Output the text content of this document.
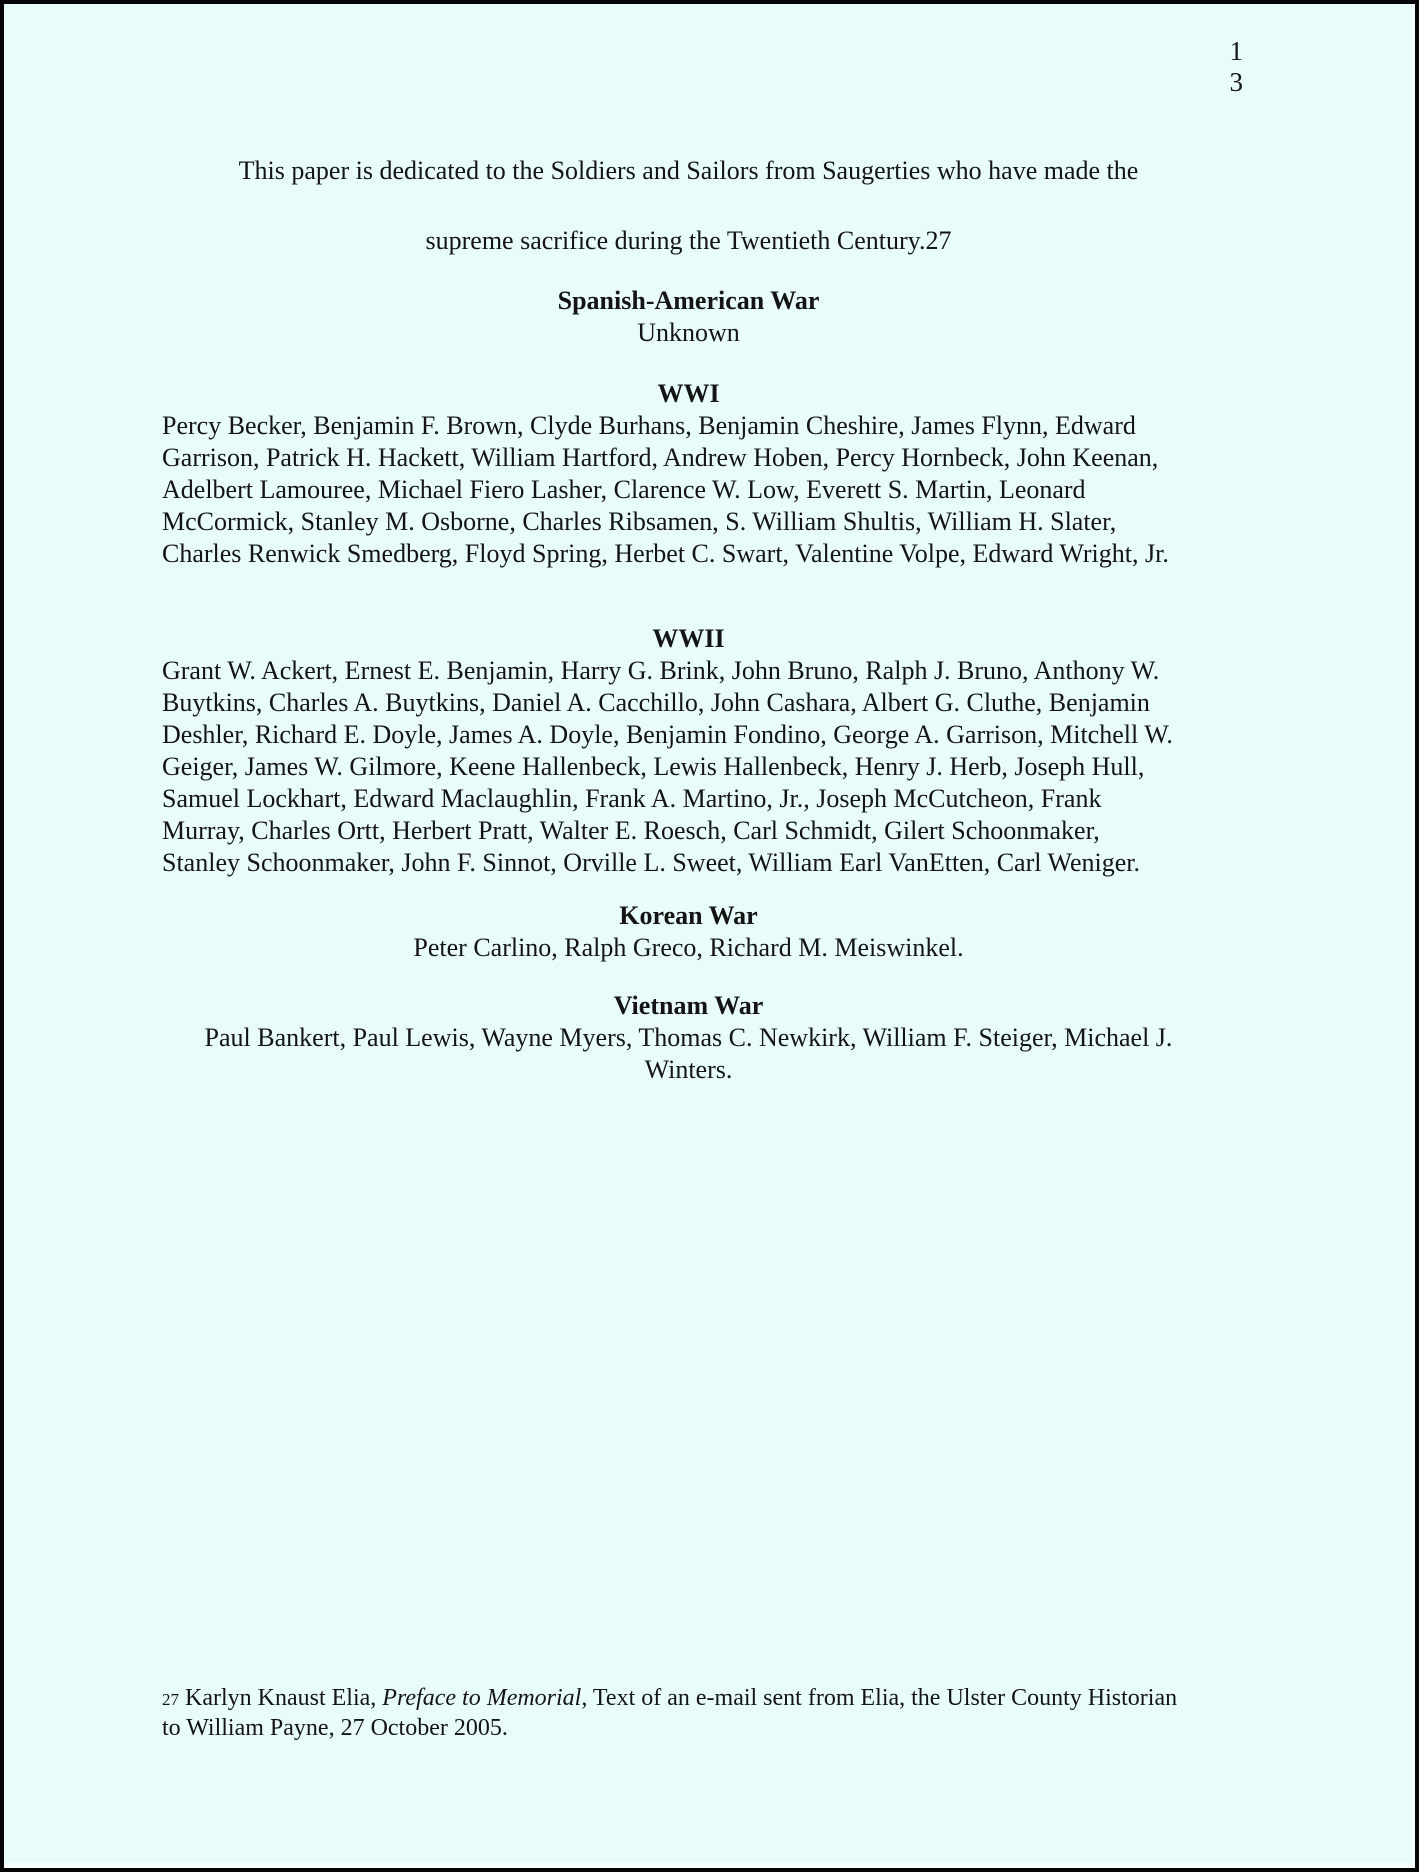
1
3
This paper is dedicated to the Soldiers and Sailors from Saugerties who have made the
supreme sacrifice during the Twentieth Century.27
Spanish-American War
Unknown
WWI
Percy Becker, Benjamin F. Brown, Clyde Burhans, Benjamin Cheshire, James Flynn, Edward
Garrison, Patrick H. Hackett, William Hartford, Andrew Hoben, Percy Hornbeck, John Keenan,
Adelbert Lamouree, Michael Fiero Lasher, Clarence W. Low, Everett S. Martin, Leonard
McCormick, Stanley M. Osborne, Charles Ribsamen, S. William Shultis, William H. Slater,
Charles Renwick Smedberg, Floyd Spring, Herbet C. Swart, Valentine Volpe, Edward Wright, Jr.
WWII
Grant W. Ackert, Ernest E. Benjamin, Harry G. Brink, John Bruno, Ralph J. Bruno, Anthony W.
Buytkins, Charles A. Buytkins, Daniel A. Cacchillo, John Cashara, Albert G. Cluthe, Benjamin
Deshler, Richard E. Doyle, James A. Doyle, Benjamin Fondino, George A. Garrison, Mitchell W.
Geiger, James W. Gilmore, Keene Hallenbeck, Lewis Hallenbeck, Henry J. Herb, Joseph Hull,
Samuel Lockhart, Edward Maclaughlin, Frank A. Martino, Jr., Joseph McCutcheon, Frank
Murray, Charles Ortt, Herbert Pratt, Walter E. Roesch, Carl Schmidt, Gilert Schoonmaker,
Stanley Schoonmaker, John F. Sinnot, Orville L. Sweet, William Earl VanEtten, Carl Weniger.
Korean War
Peter Carlino, Ralph Greco, Richard M. Meiswinkel.
Vietnam War
Paul Bankert, Paul Lewis, Wayne Myers, Thomas C. Newkirk, William F. Steiger, Michael J.
Winters.
27 Karlyn Knaust Elia, Preface to Memorial, Text of an e-mail sent from Elia, the Ulster County Historian
to William Payne, 27 October 2005.
